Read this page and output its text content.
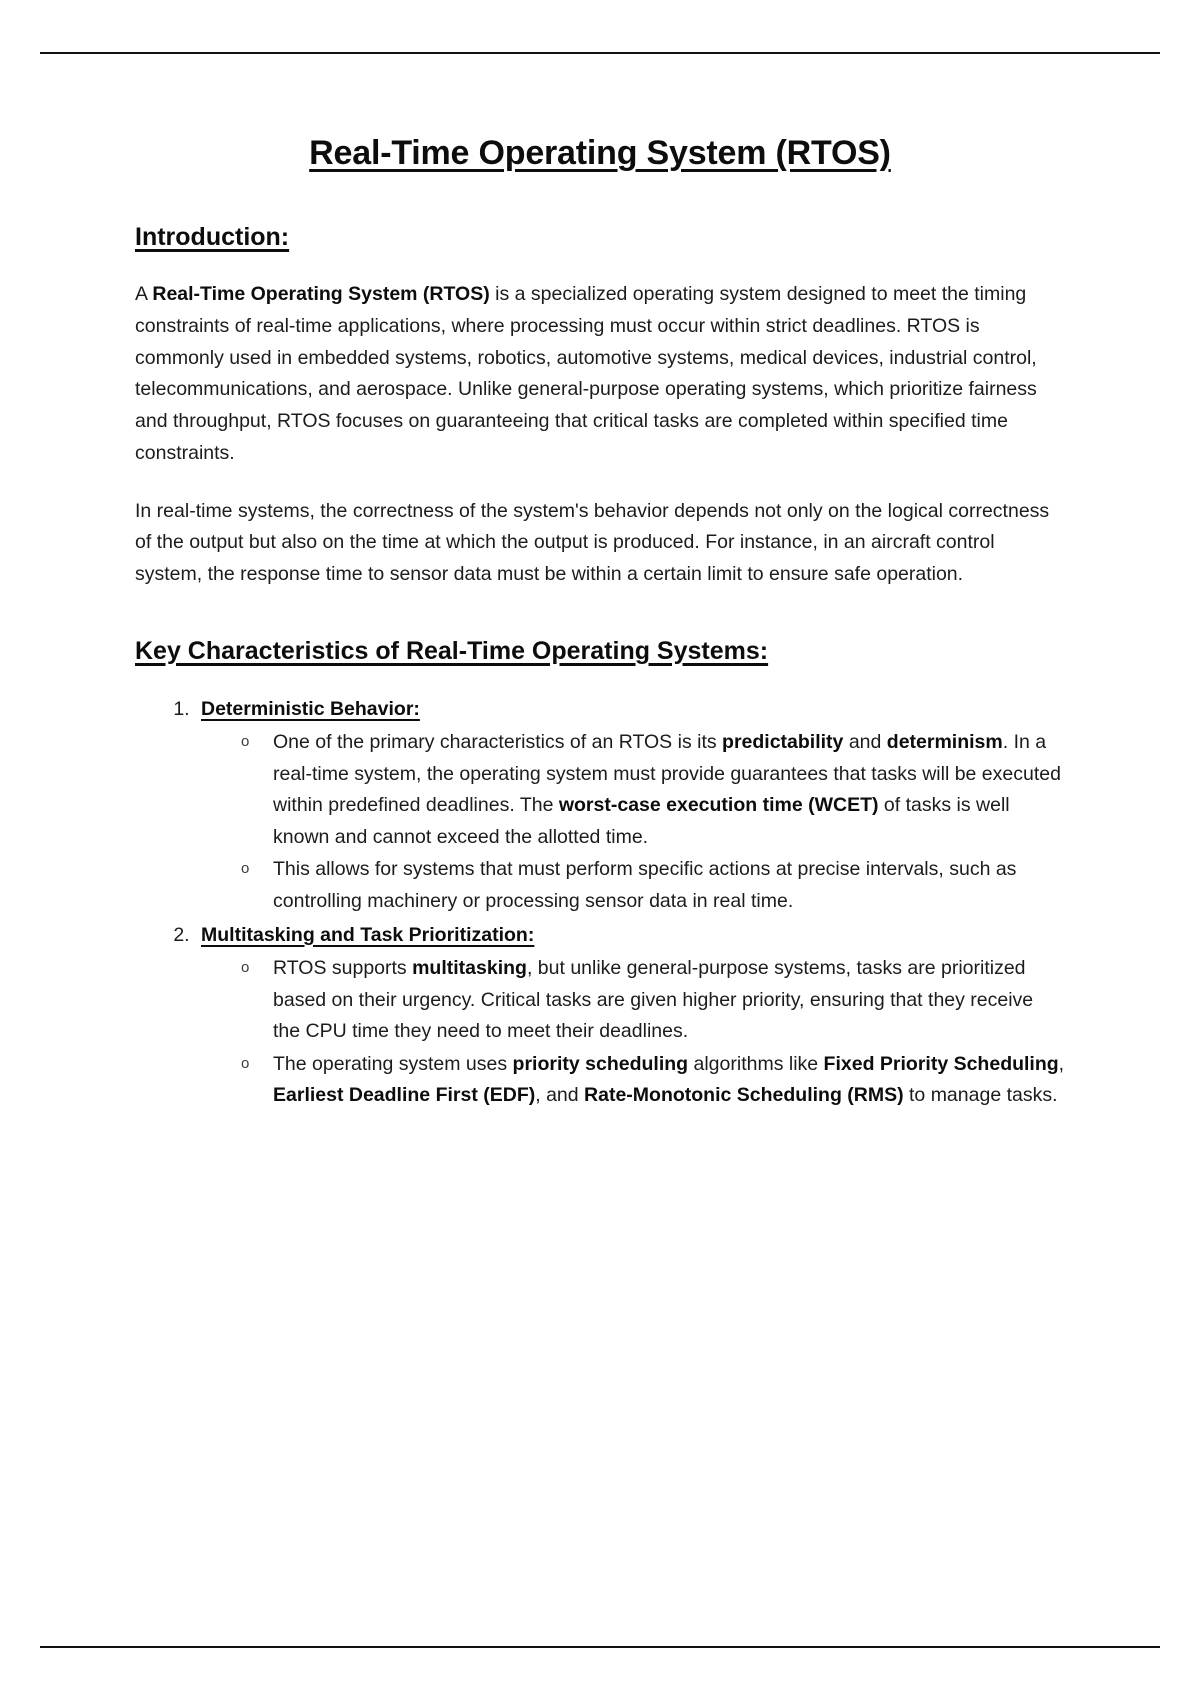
Real-Time Operating System (RTOS)
Introduction:

A Real-Time Operating System (RTOS) is a specialized operating system designed to meet the timing constraints of real-time applications, where processing must occur within strict deadlines. RTOS is commonly used in embedded systems, robotics, automotive systems, medical devices, industrial control, telecommunications, and aerospace. Unlike general-purpose operating systems, which prioritize fairness and throughput, RTOS focuses on guaranteeing that critical tasks are completed within specified time constraints.

In real-time systems, the correctness of the system's behavior depends not only on the logical correctness of the output but also on the time at which the output is produced. For instance, in an aircraft control system, the response time to sensor data must be within a certain limit to ensure safe operation.

Key Characteristics of Real-Time Operating Systems:
1. Deterministic Behavior:
o One of the primary characteristics of an RTOS is its predictability and determinism. In a real-time system, the operating system must provide guarantees that tasks will be executed within predefined deadlines. The worst-case execution time (WCET) of tasks is well known and cannot exceed the allotted time.
o This allows for systems that must perform specific actions at precise intervals, such as controlling machinery or processing sensor data in real time.
2. Multitasking and Task Prioritization:
o RTOS supports multitasking, but unlike general-purpose systems, tasks are prioritized based on their urgency. Critical tasks are given higher priority, ensuring that they receive the CPU time they need to meet their deadlines.
o The operating system uses priority scheduling algorithms like Fixed Priority Scheduling, Earliest Deadline First (EDF), and Rate-Monotonic Scheduling (RMS) to manage tasks.
